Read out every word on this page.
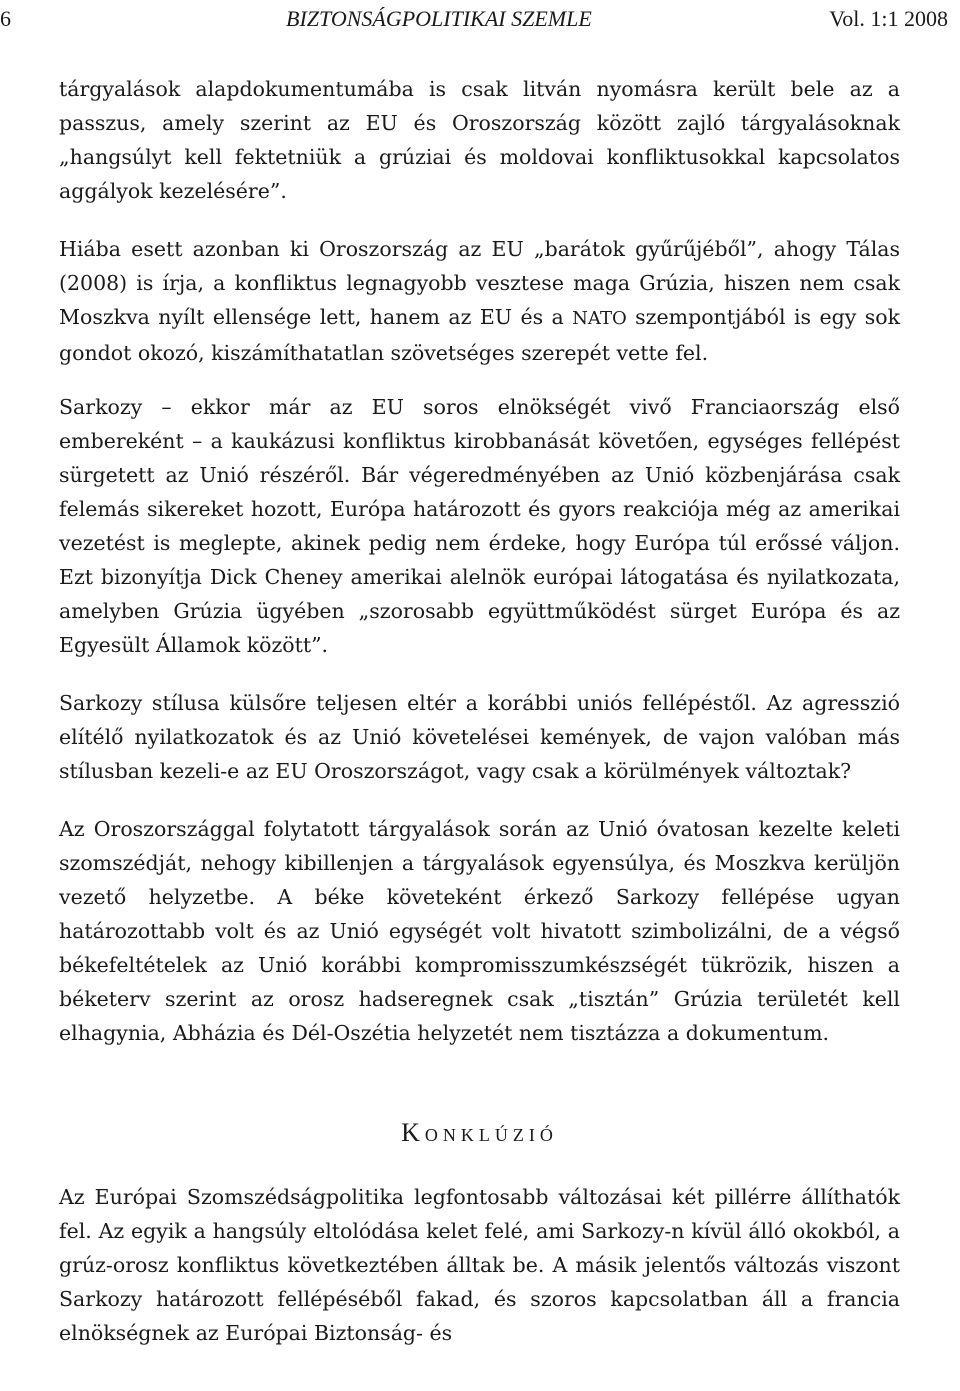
6	BIZTONSÁGPOLITIKAI SZEMLE	Vol. 1:1 2008

tárgyalások alapdokumentumába is csak litván nyomásra került bele az a passzus, amely szerint az EU és Oroszország között zajló tárgyalásoknak „hangsúlyt kell fektetniük a grúziai és moldovai konfliktusokkal kapcsolatos aggályok kezelésére”.

Hiába esett azonban ki Oroszország az EU „barátok gyűrűjéből”, ahogy Tálas (2008) is írja, a konfliktus legnagyobb vesztese maga Grúzia, hiszen nem csak Moszkva nyílt ellensége lett, hanem az EU és a NATO szempontjából is egy sok gondot okozó, kiszámíthatatlan szövetséges szerepét vette fel.

Sarkozy – ekkor már az EU soros elnökségét vivő Franciaország első embereként – a kaukázusi konfliktus kirobbanását követően, egységes fellépést sürgetett az Unió részéről. Bár végeredményében az Unió közbenjárása csak felemás sikereket hozott, Európa határozott és gyors reakciója még az amerikai vezetést is meglepte, akinek pedig nem érdeke, hogy Európa túl erőssé váljon. Ezt bizonyítja Dick Cheney amerikai alelnök európai látogatása és nyilatkozata, amelyben Grúzia ügyében „szorosabb együttműködést sürget Európa és az Egyesült Államok között”.

Sarkozy stílusa külsőre teljesen eltér a korábbi uniós fellépéstől. Az agresszió elítélő nyilatkozatok és az Unió követelései kemények, de vajon valóban más stílusban kezeli-e az EU Oroszországot, vagy csak a körülmények változtak?

Az Oroszországgal folytatott tárgyalások során az Unió óvatosan kezelte keleti szomszédját, nehogy kibillenjen a tárgyalások egyensúlya, és Moszkva kerüljön vezető helyzetbe. A béke követeként érkező Sarkozy fellépése ugyan határozottabb volt és az Unió egységét volt hivatott szimbolizálni, de a végső békefeltételek az Unió korábbi kompromisszumkészségét tükrözik, hiszen a béketerv szerint az orosz hadseregnek csak „tisztán” Grúzia területét kell elhagynia, Abházia és Dél-Oszétia helyzetét nem tisztázza a dokumentum.

Konklúzió

Az Európai Szomszédságpolitika legfontosabb változásai két pillérre állíthatók fel. Az egyik a hangsúly eltolódása kelet felé, ami Sarkozy-n kívül álló okokból, a grúz-orosz konfliktus következtében álltak be. A másik jelentős változás viszont Sarkozy határozott fellépéséből fakad, és szoros kapcsolatban áll a francia elnökségnek az Európai Biztonság- és
